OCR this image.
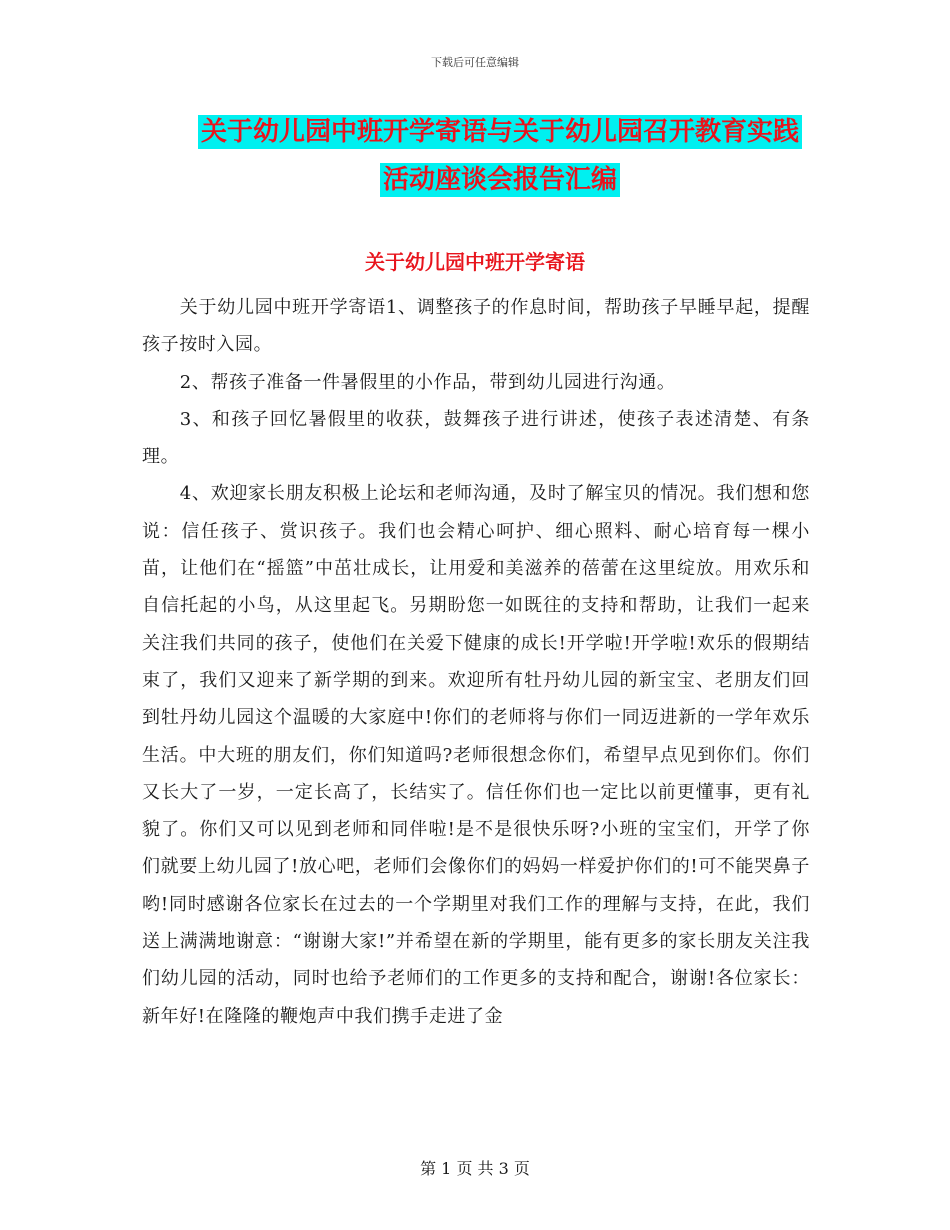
下载后可任意编辑
关于幼儿园中班开学寄语与关于幼儿园召开教育实践活动座谈会报告汇编
关于幼儿园中班开学寄语

关于幼儿园中班开学寄语1、调整孩子的作息时间，帮助孩子早睡早起，提醒孩子按时入园。

2、帮孩子准备一件暑假里的小作品，带到幼儿园进行沟通。

3、和孩子回忆暑假里的收获，鼓舞孩子进行讲述，使孩子表述清楚、有条理。

4、欢迎家长朋友积极上论坛和老师沟通，及时了解宝贝的情况。我们想和您说：信任孩子、赏识孩子。我们也会精心呵护、细心照料、耐心培育每一棵小苗，让他们在“摇篮”中茁壮成长，让用爱和美滋养的蓓蕾在这里绽放。用欢乐和自信托起的小鸟，从这里起飞。另期盼您一如既往的支持和帮助，让我们一起来关注我们共同的孩子，使他们在关爱下健康的成长!开学啦!开学啦!欢乐的假期结束了，我们又迎来了新学期的到来。欢迎所有牡丹幼儿园的新宝宝、老朋友们回到牡丹幼儿园这个温暖的大家庭中!你们的老师将与你们一同迈进新的一学年欢乐生活。中大班的朋友们，你们知道吗?老师很想念你们，希望早点见到你们。你们又长大了一岁，一定长高了，长结实了。信任你们也一定比以前更懂事，更有礼貌了。你们又可以见到老师和同伴啦!是不是很快乐呀?小班的宝宝们，开学了你们就要上幼儿园了!放心吧，老师们会像你们的妈妈一样爱护你们的!可不能哭鼻子哟!同时感谢各位家长在过去的一个学期里对我们工作的理解与支持，在此，我们送上满满地谢意：“谢谢大家!”并希望在新的学期里，能有更多的家长朋友关注我们幼儿园的活动，同时也给予老师们的工作更多的支持和配合，谢谢!各位家长：新年好!在隆隆的鞭炮声中我们携手走进了金

第 1 页 共 3 页
